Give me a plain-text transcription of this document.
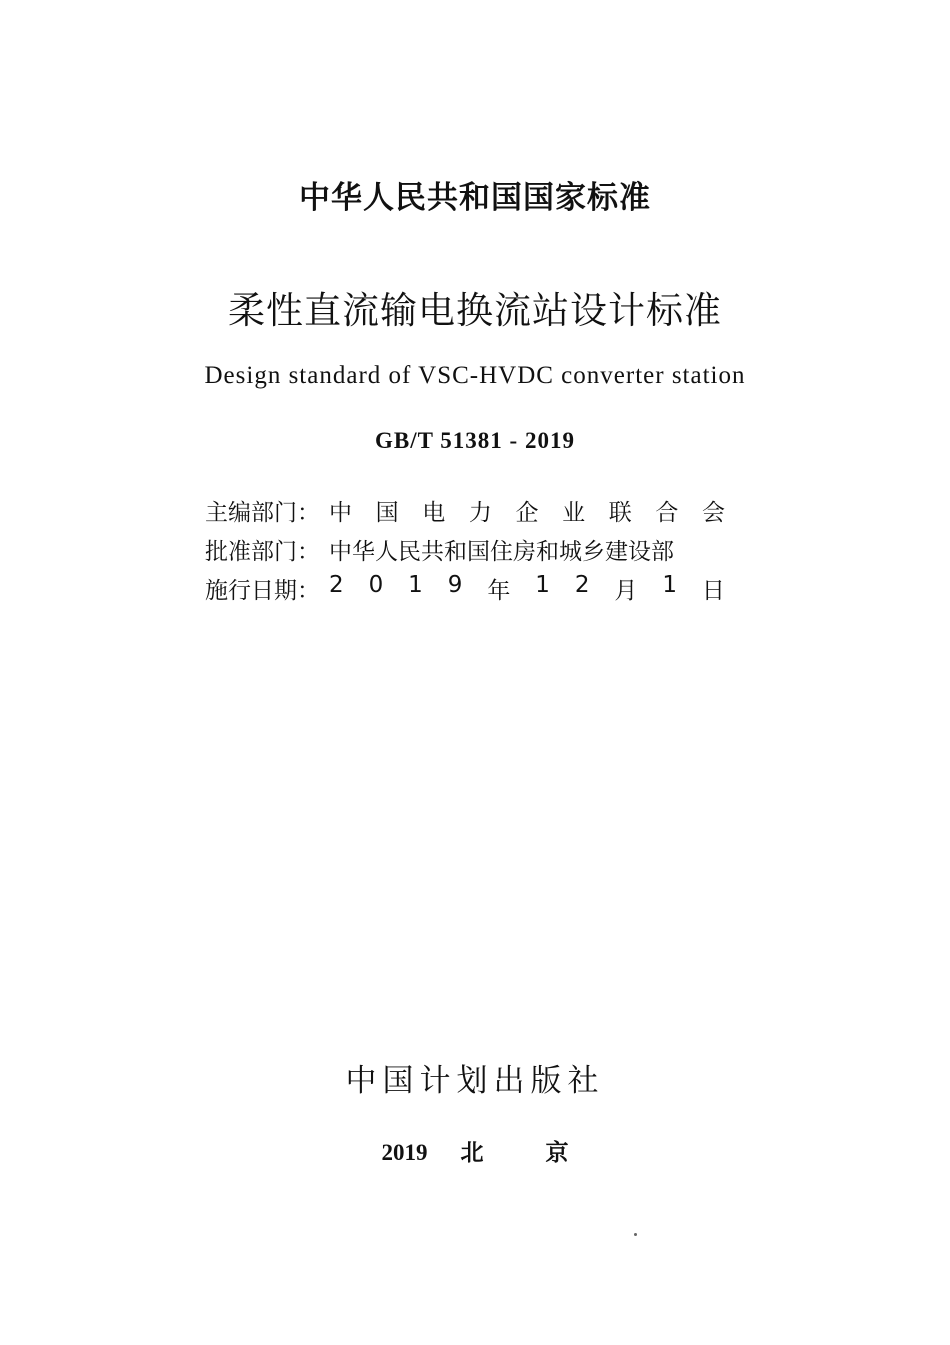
中华人民共和国国家标准
柔性直流输电换流站设计标准
Design standard of VSC-HVDC converter station
GB/T 51381 - 2019
主编部门： 中 国 电 力 企 业 联 合 会
批准部门： 中华人民共和国住房和城乡建设部
施行日期： 2 0 1 9 年 1 2 月 1 日
中国计划出版社
2019 北	京
